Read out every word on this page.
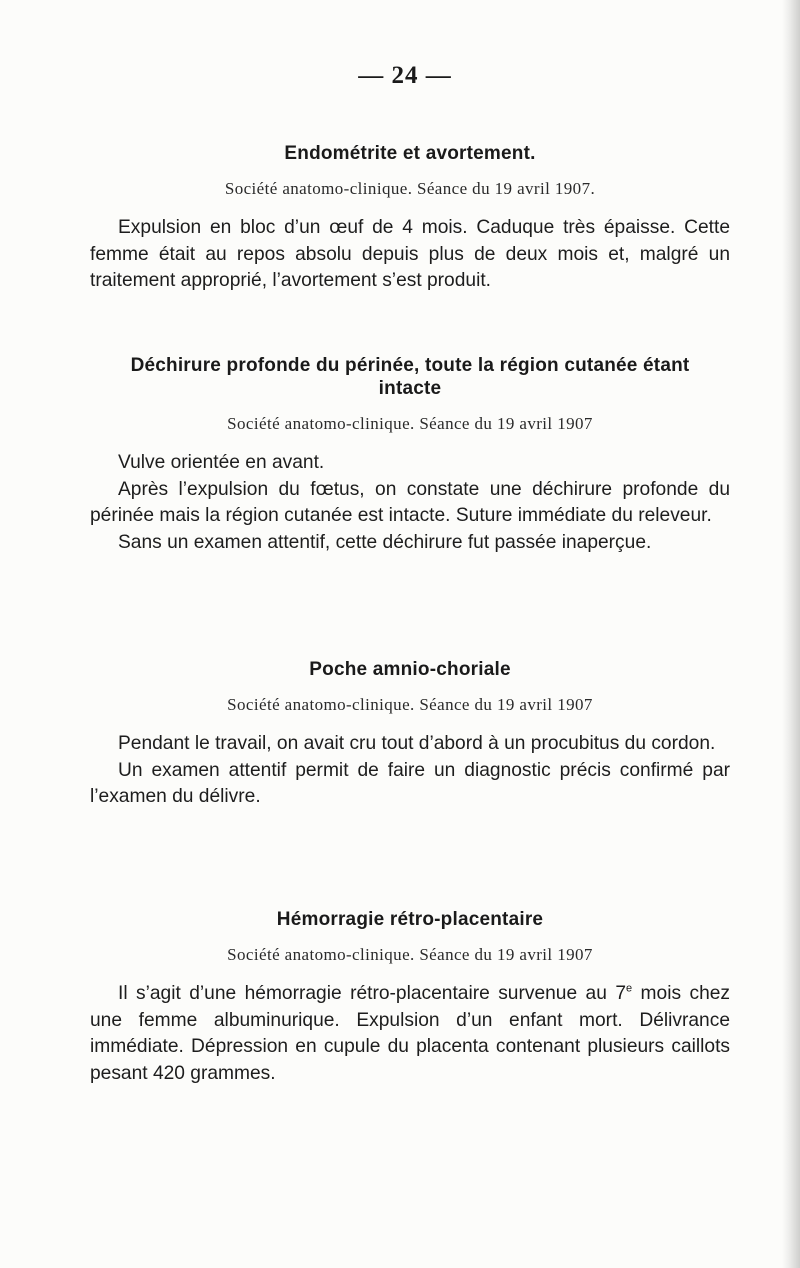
— 24 —
Endométrite et avortement.
Société anatomo-clinique. Séance du 19 avril 1907.

Expulsion en bloc d’un œuf de 4 mois. Caduque très épaisse. Cette femme était au repos absolu depuis plus de deux mois et, malgré un traitement approprié, l’avortement s’est produit.

Déchirure profonde du périnée, toute la région cutanée étant
intacte
Société anatomo-clinique. Séance du 19 avril 1907

Vulve orientée en avant.

Après l’expulsion du fœtus, on constate une déchirure profonde du périnée mais la région cutanée est intacte. Suture immédiate du releveur.

Sans un examen attentif, cette déchirure fut passée inaperçue.

Poche amnio-choriale
Société anatomo-clinique. Séance du 19 avril 1907

Pendant le travail, on avait cru tout d’abord à un procubitus du cordon.

Un examen attentif permit de faire un diagnostic précis confirmé par l’examen du délivre.

Hémorragie rétro-placentaire
Société anatomo-clinique. Séance du 19 avril 1907

Il s’agit d’une hémorragie rétro-placentaire survenue au 7e mois chez une femme albuminurique. Expulsion d’un enfant mort. Délivrance immédiate. Dépression en cupule du placenta contenant plusieurs caillots pesant 420 grammes.
